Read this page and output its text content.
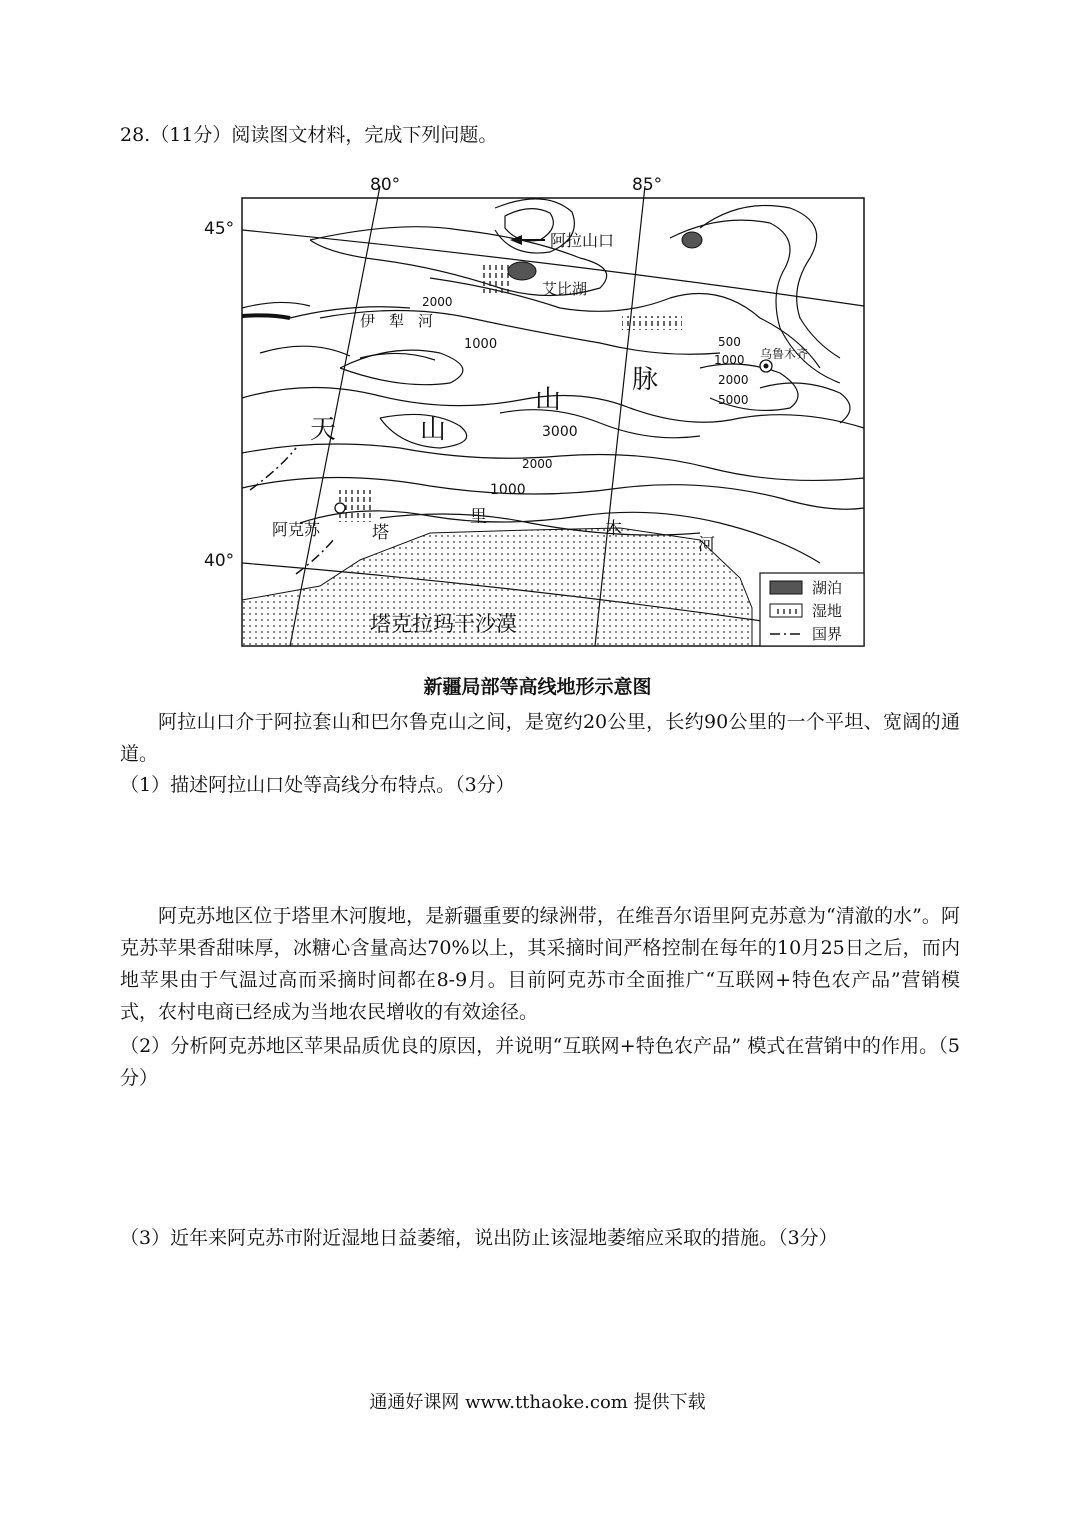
28.（11分）阅读图文材料，完成下列问题。
80°	85°
45°
40°
阿拉山口
艾比湖
伊犁河
乌鲁木齐
阿克苏	塔
里
木
河
天	山
山
脉
塔克拉玛干沙漠
2000
1000	500
1000
2000
5000
3000
2000
1000
湖泊
湿地
国界
新疆局部等高线地形示意图
阿拉山口介于阿拉套山和巴尔鲁克山之间，是宽约20公里，长约90公里的一个平坦、宽阔的通道。
（1）描述阿拉山口处等高线分布特点。（3分）
阿克苏地区位于塔里木河腹地，是新疆重要的绿洲带，在维吾尔语里阿克苏意为“清澈的水”。阿克苏苹果香甜味厚，冰糖心含量高达70%以上，其采摘时间严格控制在每年的10月25日之后，而内地苹果由于气温过高而采摘时间都在8-9月。目前阿克苏市全面推广“互联网+特色农产品”营销模式，农村电商已经成为当地农民增收的有效途径。
（2）分析阿克苏地区苹果品质优良的原因，并说明“互联网+特色农产品” 模式在营销中的作用。（5分）
（3）近年来阿克苏市附近湿地日益萎缩，说出防止该湿地萎缩应采取的措施。（3分）
通通好课网 www.tthaoke.com 提供下载
